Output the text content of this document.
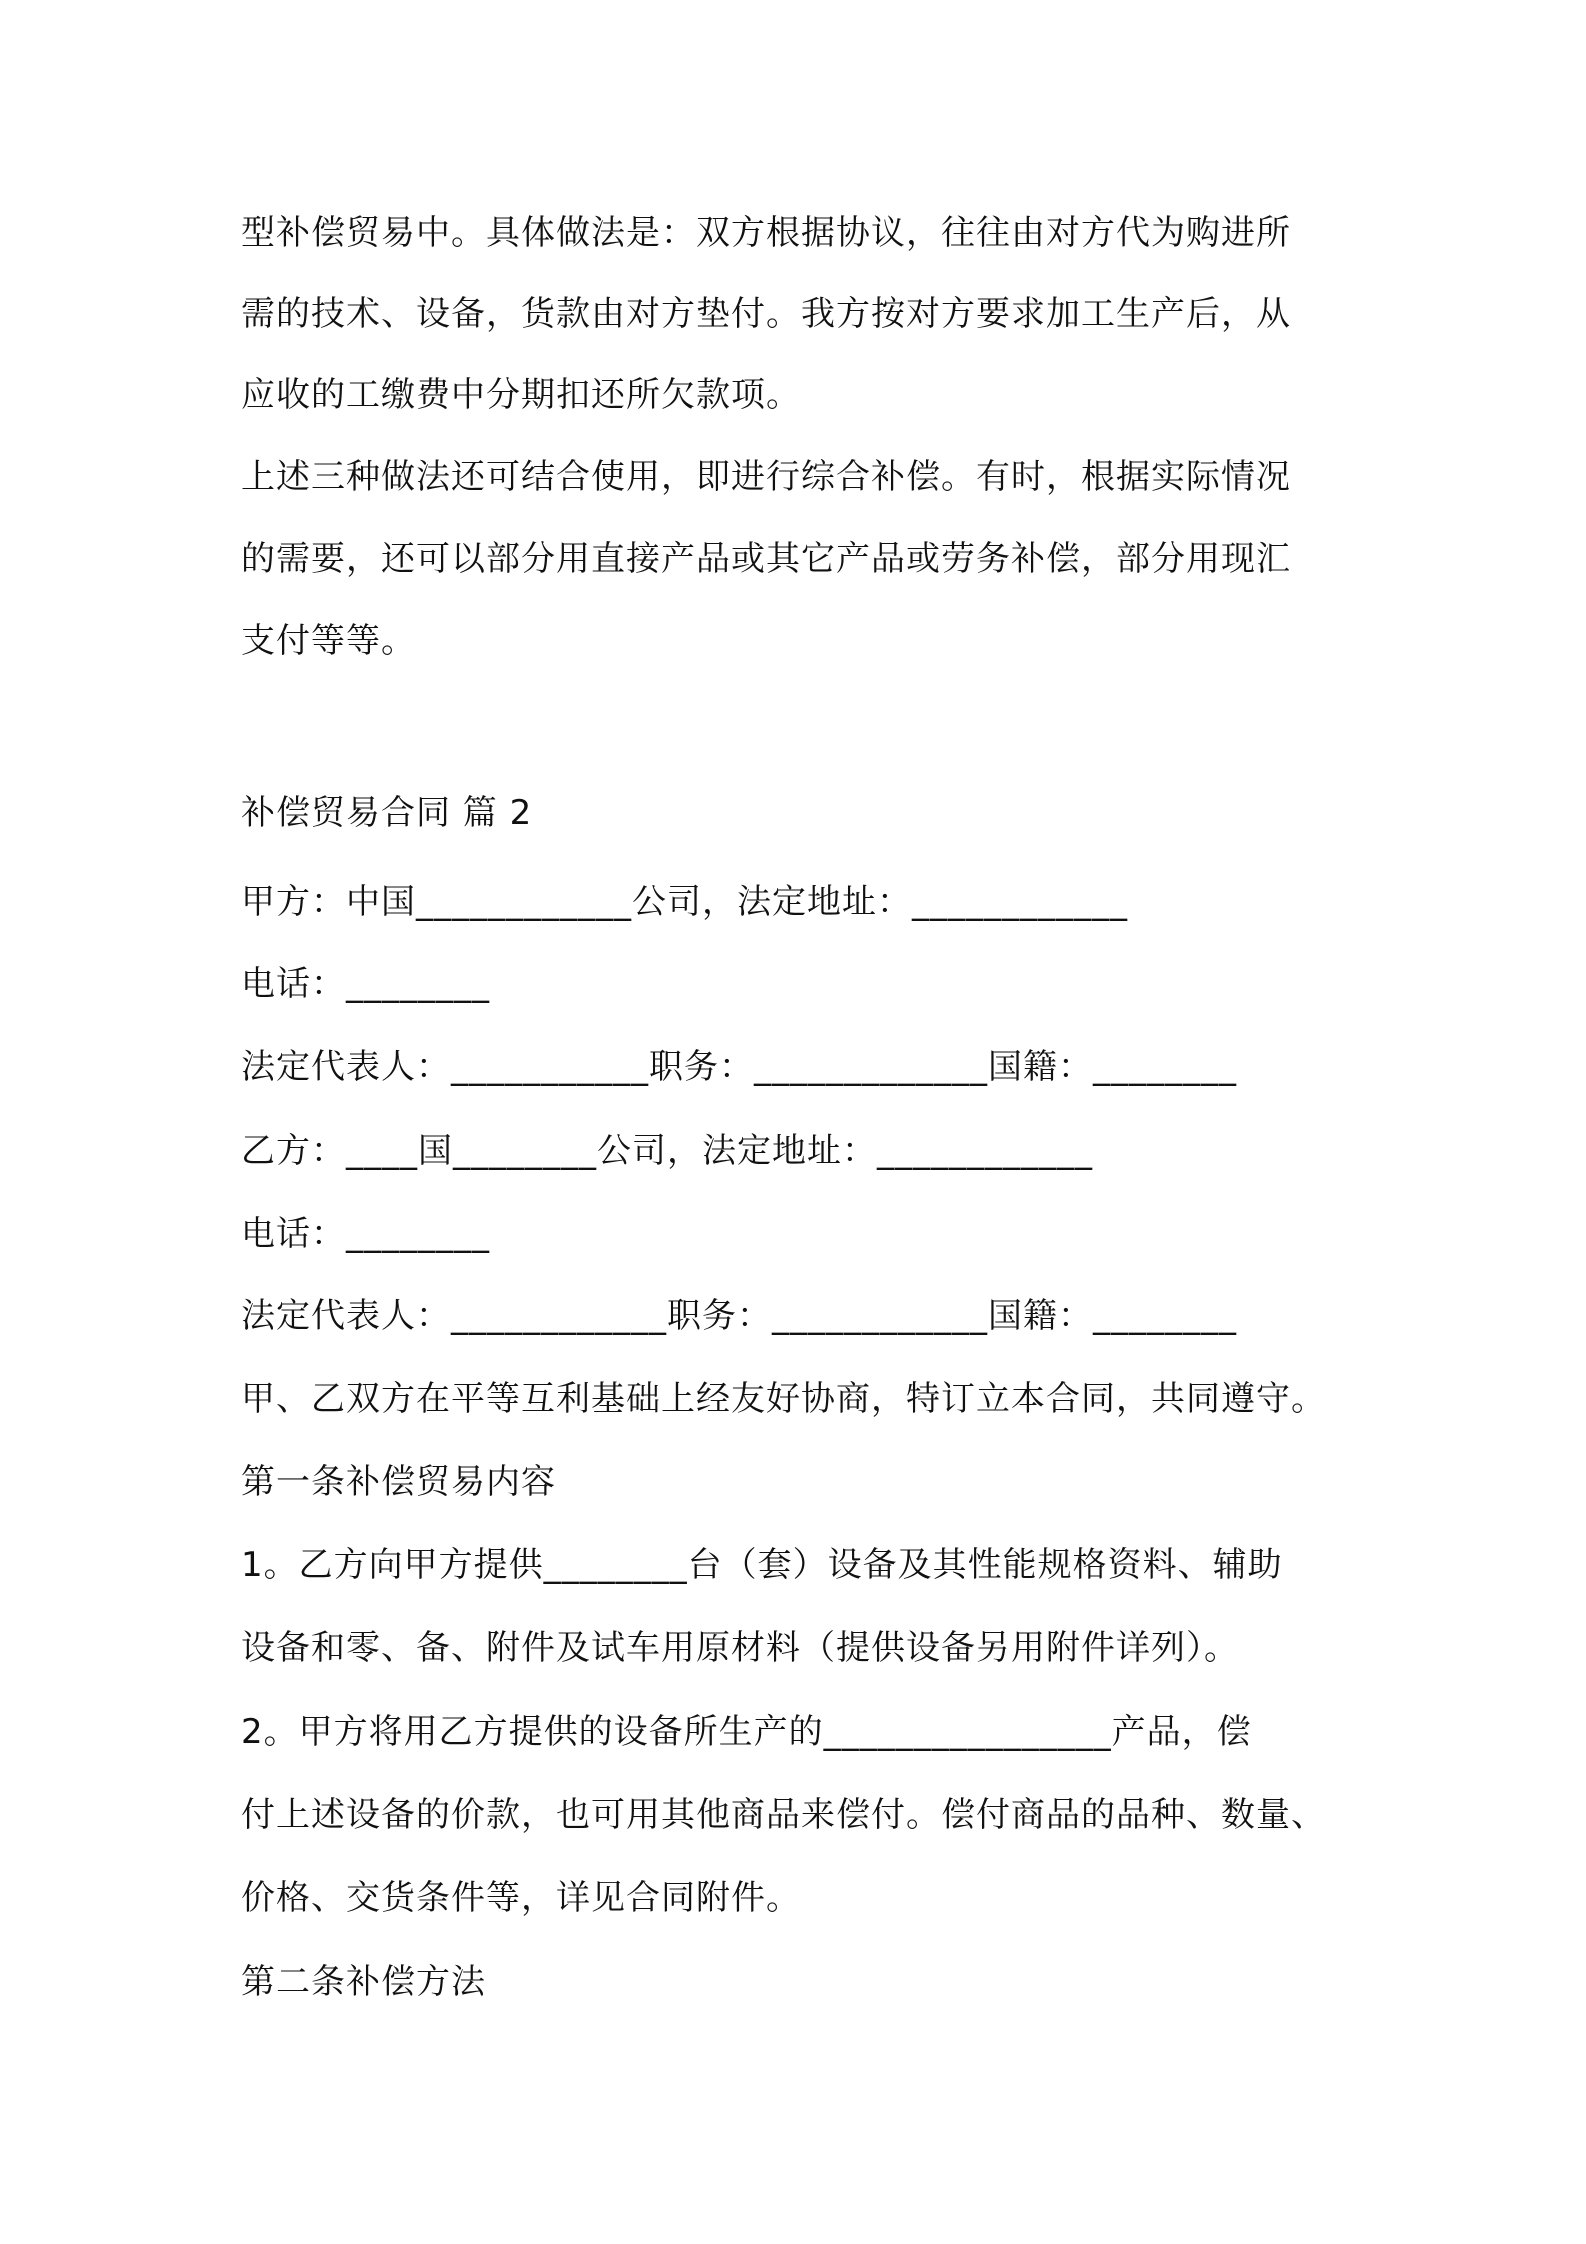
型补偿贸易中。具体做法是：双方根据协议，往往由对方代为购进所
需的技术、设备，货款由对方垫付。我方按对方要求加工生产后，从
应收的工缴费中分期扣还所欠款项。
上述三种做法还可结合使用，即进行综合补偿。有时，根据实际情况
的需要，还可以部分用直接产品或其它产品或劳务补偿，部分用现汇
支付等等。
补偿贸易合同 篇 2
甲方：中国____________公司，法定地址：____________
电话：________
法定代表人：___________职务：_____________国籍：________
乙方：____国________公司，法定地址：____________
电话：________
法定代表人：____________职务：____________国籍：________
甲、乙双方在平等互利基础上经友好协商，特订立本合同，共同遵守。
第一条补偿贸易内容
1。乙方向甲方提供________台（套）设备及其性能规格资料、辅助
设备和零、备、附件及试车用原材料（提供设备另用附件详列）。
2。甲方将用乙方提供的设备所生产的________________产品，偿
付上述设备的价款，也可用其他商品来偿付。偿付商品的品种、数量、
价格、交货条件等，详见合同附件。
第二条补偿方法
